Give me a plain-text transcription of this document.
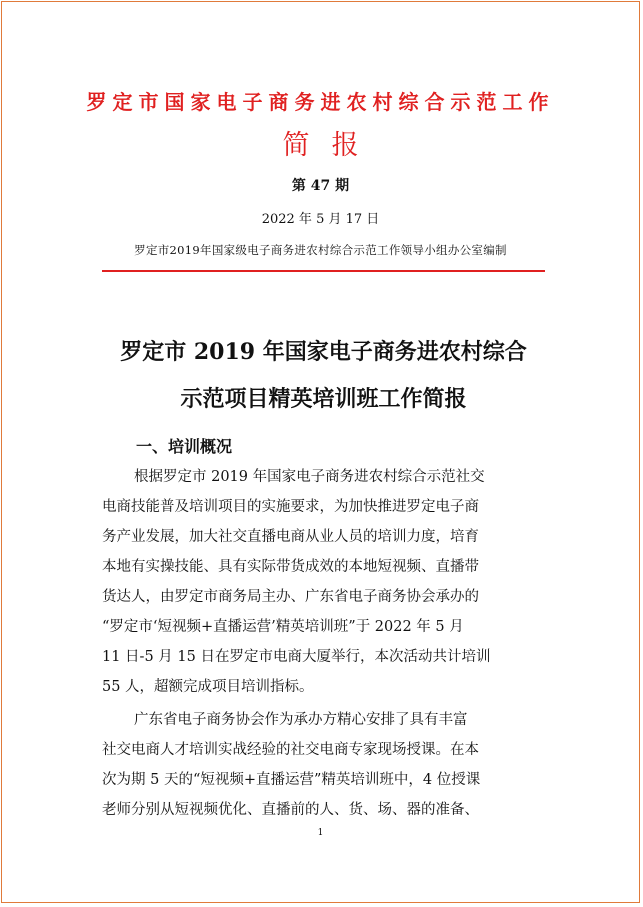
罗定市国家电子商务进农村综合示范工作
简报
第 47 期
2022 年 5 月 17 日
罗定市2019年国家级电子商务进农村综合示范工作领导小组办公室编制
罗定市 2019 年国家电子商务进农村综合
示范项目精英培训班工作简报
一、培训概况
根据罗定市 2019 年国家电子商务进农村综合示范社交
电商技能普及培训项目的实施要求，为加快推进罗定电子商
务产业发展，加大社交直播电商从业人员的培训力度，培育
本地有实操技能、具有实际带货成效的本地短视频、直播带
货达人，由罗定市商务局主办、广东省电子商务协会承办的
“罗定市‘短视频+直播运营’精英培训班”于 2022 年 5 月
11 日-5 月 15 日在罗定市电商大厦举行，本次活动共计培训
55 人，超额完成项目培训指标。
广东省电子商务协会作为承办方精心安排了具有丰富
社交电商人才培训实战经验的社交电商专家现场授课。在本
次为期 5 天的“短视频+直播运营”精英培训班中，4 位授课
老师分别从短视频优化、直播前的人、货、场、器的准备、
1
